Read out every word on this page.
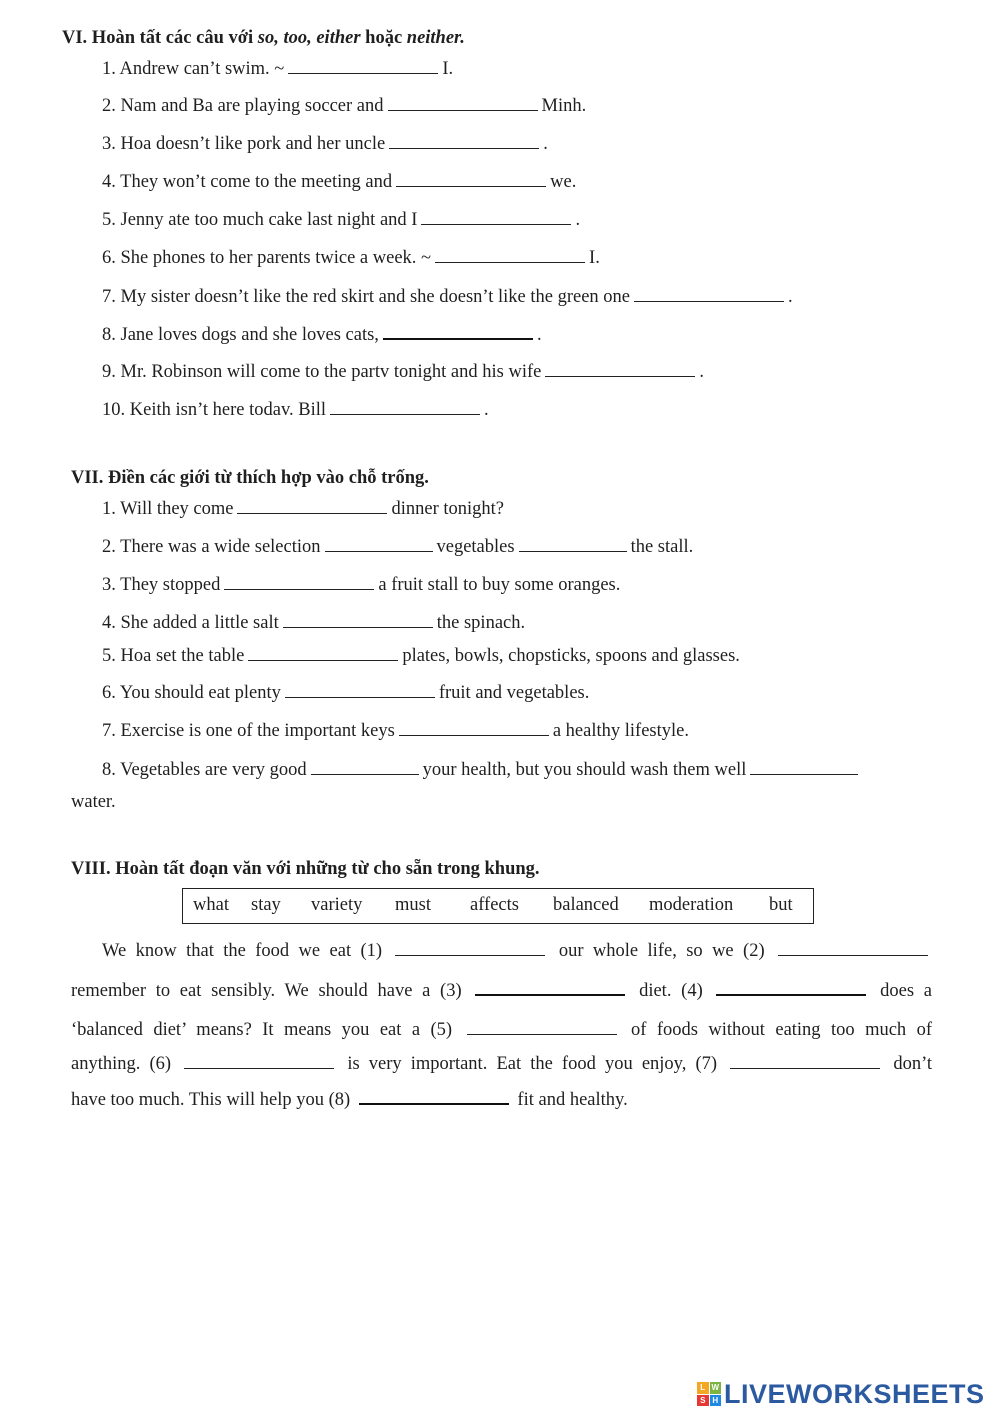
VI. Hoàn tất các câu với so, too, either hoặc neither.
1. Andrew can’t swim. ~	I.
2. Nam and Ba are playing soccer and	Minh.
3. Hoa doesn’t like pork and her uncle	.
4. They won’t come to the meeting and	we.
5. Jenny ate too much cake last night and I	.
6. She phones to her parents twice a week. ~	I.
7. My sister doesn’t like the red skirt and she doesn’t like the green one	.
8. Jane loves dogs and she loves cats,	.
9. Mr. Robinson will come to the partv tonight and his wife	.
10. Keith isn’t here todav. Bill	.
VII. Điền các giới từ thích hợp vào chỗ trống.
1. Will they come	dinner tonight?
2. There was a wide selection	vegetables	the stall.
3. They stopped	a fruit stall to buy some oranges.
4. She added a little salt	the spinach.
5. Hoa set the table	plates, bowls, chopsticks, spoons and glasses.
6. You should eat plenty	fruit and vegetables.
7. Exercise is one of the important keys	a healthy lifestyle.
8. Vegetables are very good	your health, but you should wash them well
water.
VIII. Hoàn tất đoạn văn với những từ cho sẵn trong khung.
what stay variety must affects balanced moderation but
We know that the food we eat (1)	our whole life, so we (2)
remember to eat sensibly. We should have a (3)	diet. (4)	does a
‘balanced diet’ means? It means you eat a (5)	of foods without eating too much of
anything. (6)	is very important. Eat the food you enjoy, (7)	don’t
have too much. This will help you (8)	fit and healthy.
L W
S H LIVEWORKSHEETS
